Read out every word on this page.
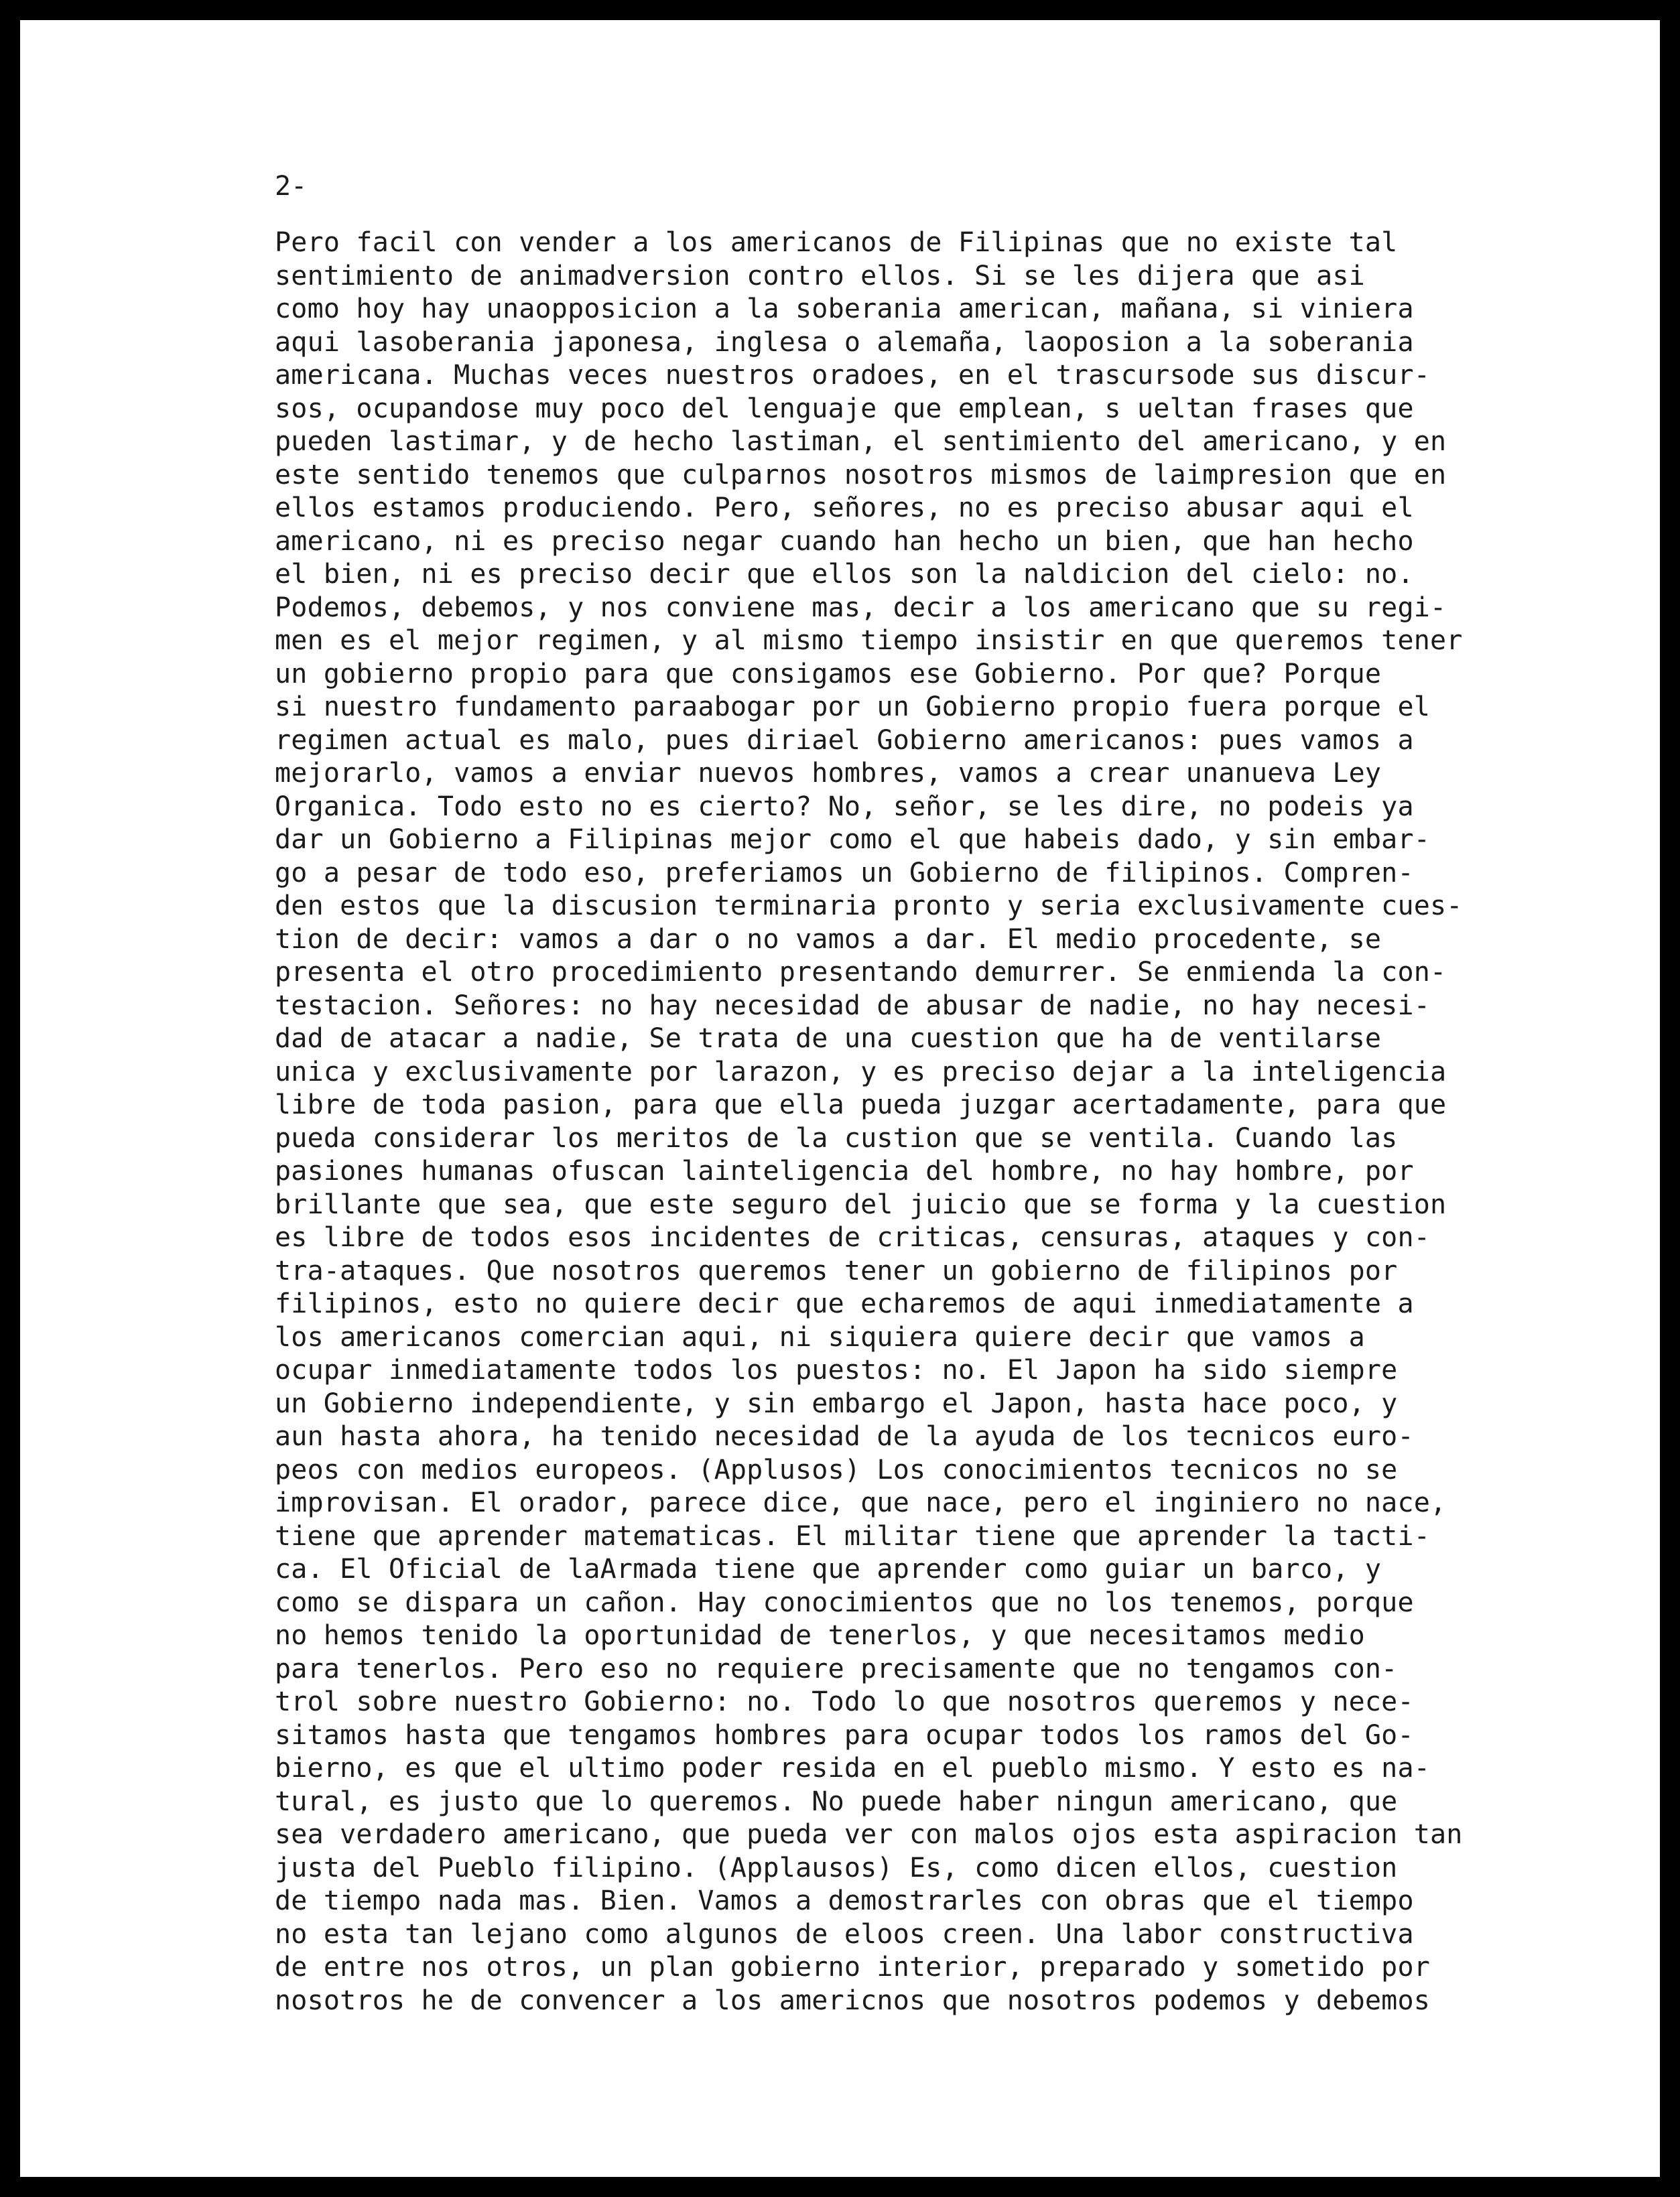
2-

Pero facil con vender a los americanos de Filipinas que no existe tal
sentimiento de animadversion contro ellos. Si se les dijera que asi
como hoy hay unaopposicion a la soberania american, mañana, si viniera
aqui lasoberania japonesa, inglesa o alemaña, laoposion a la soberania
americana. Muchas veces nuestros oradoes, en el trascursode sus discur-
sos, ocupandose muy poco del lenguaje que emplean, s ueltan frases que
pueden lastimar, y de hecho lastiman, el sentimiento del americano, y en
este sentido tenemos que culparnos nosotros mismos de laimpresion que en
ellos estamos produciendo. Pero, señores, no es preciso abusar aqui el
americano, ni es preciso negar cuando han hecho un bien, que han hecho
el bien, ni es preciso decir que ellos son la naldicion del cielo: no.
Podemos, debemos, y nos conviene mas, decir a los americano que su regi-
men es el mejor regimen, y al mismo tiempo insistir en que queremos tener
un gobierno propio para que consigamos ese Gobierno. Por que? Porque
si nuestro fundamento paraabogar por un Gobierno propio fuera porque el
regimen actual es malo, pues diriael Gobierno americanos: pues vamos a
mejorarlo, vamos a enviar nuevos hombres, vamos a crear unanueva Ley
Organica. Todo esto no es cierto? No, señor, se les dire, no podeis ya
dar un Gobierno a Filipinas mejor como el que habeis dado, y sin embar-
go a pesar de todo eso, preferiamos un Gobierno de filipinos. Compren-
den estos que la discusion terminaria pronto y seria exclusivamente cues-
tion de decir: vamos a dar o no vamos a dar. El medio procedente, se
presenta el otro procedimiento presentando demurrer. Se enmienda la con-
testacion. Señores: no hay necesidad de abusar de nadie, no hay necesi-
dad de atacar a nadie, Se trata de una cuestion que ha de ventilarse
unica y exclusivamente por larazon, y es preciso dejar a la inteligencia
libre de toda pasion, para que ella pueda juzgar acertadamente, para que
pueda considerar los meritos de la custion que se ventila. Cuando las
pasiones humanas ofuscan lainteligencia del hombre, no hay hombre, por
brillante que sea, que este seguro del juicio que se forma y la cuestion
es libre de todos esos incidentes de criticas, censuras, ataques y con-
tra-ataques. Que nosotros queremos tener un gobierno de filipinos por
filipinos, esto no quiere decir que echaremos de aqui inmediatamente a
los americanos comercian aqui, ni siquiera quiere decir que vamos a
ocupar inmediatamente todos los puestos: no. El Japon ha sido siempre
un Gobierno independiente, y sin embargo el Japon, hasta hace poco, y
aun hasta ahora, ha tenido necesidad de la ayuda de los tecnicos euro-
peos con medios europeos. (Applusos) Los conocimientos tecnicos no se
improvisan. El orador, parece dice, que nace, pero el inginiero no nace,
tiene que aprender matematicas. El militar tiene que aprender la tacti-
ca. El Oficial de laArmada tiene que aprender como guiar un barco, y
como se dispara un cañon. Hay conocimientos que no los tenemos, porque
no hemos tenido la oportunidad de tenerlos, y que necesitamos medio
para tenerlos. Pero eso no requiere precisamente que no tengamos con-
trol sobre nuestro Gobierno: no. Todo lo que nosotros queremos y nece-
sitamos hasta que tengamos hombres para ocupar todos los ramos del Go-
bierno, es que el ultimo poder resida en el pueblo mismo. Y esto es na-
tural, es justo que lo queremos. No puede haber ningun americano, que
sea verdadero americano, que pueda ver con malos ojos esta aspiracion tan
justa del Pueblo filipino. (Applausos) Es, como dicen ellos, cuestion
de tiempo nada mas. Bien. Vamos a demostrarles con obras que el tiempo
no esta tan lejano como algunos de eloos creen. Una labor constructiva
de entre nos otros, un plan gobierno interior, preparado y sometido por
nosotros he de convencer a los americnos que nosotros podemos y debemos
